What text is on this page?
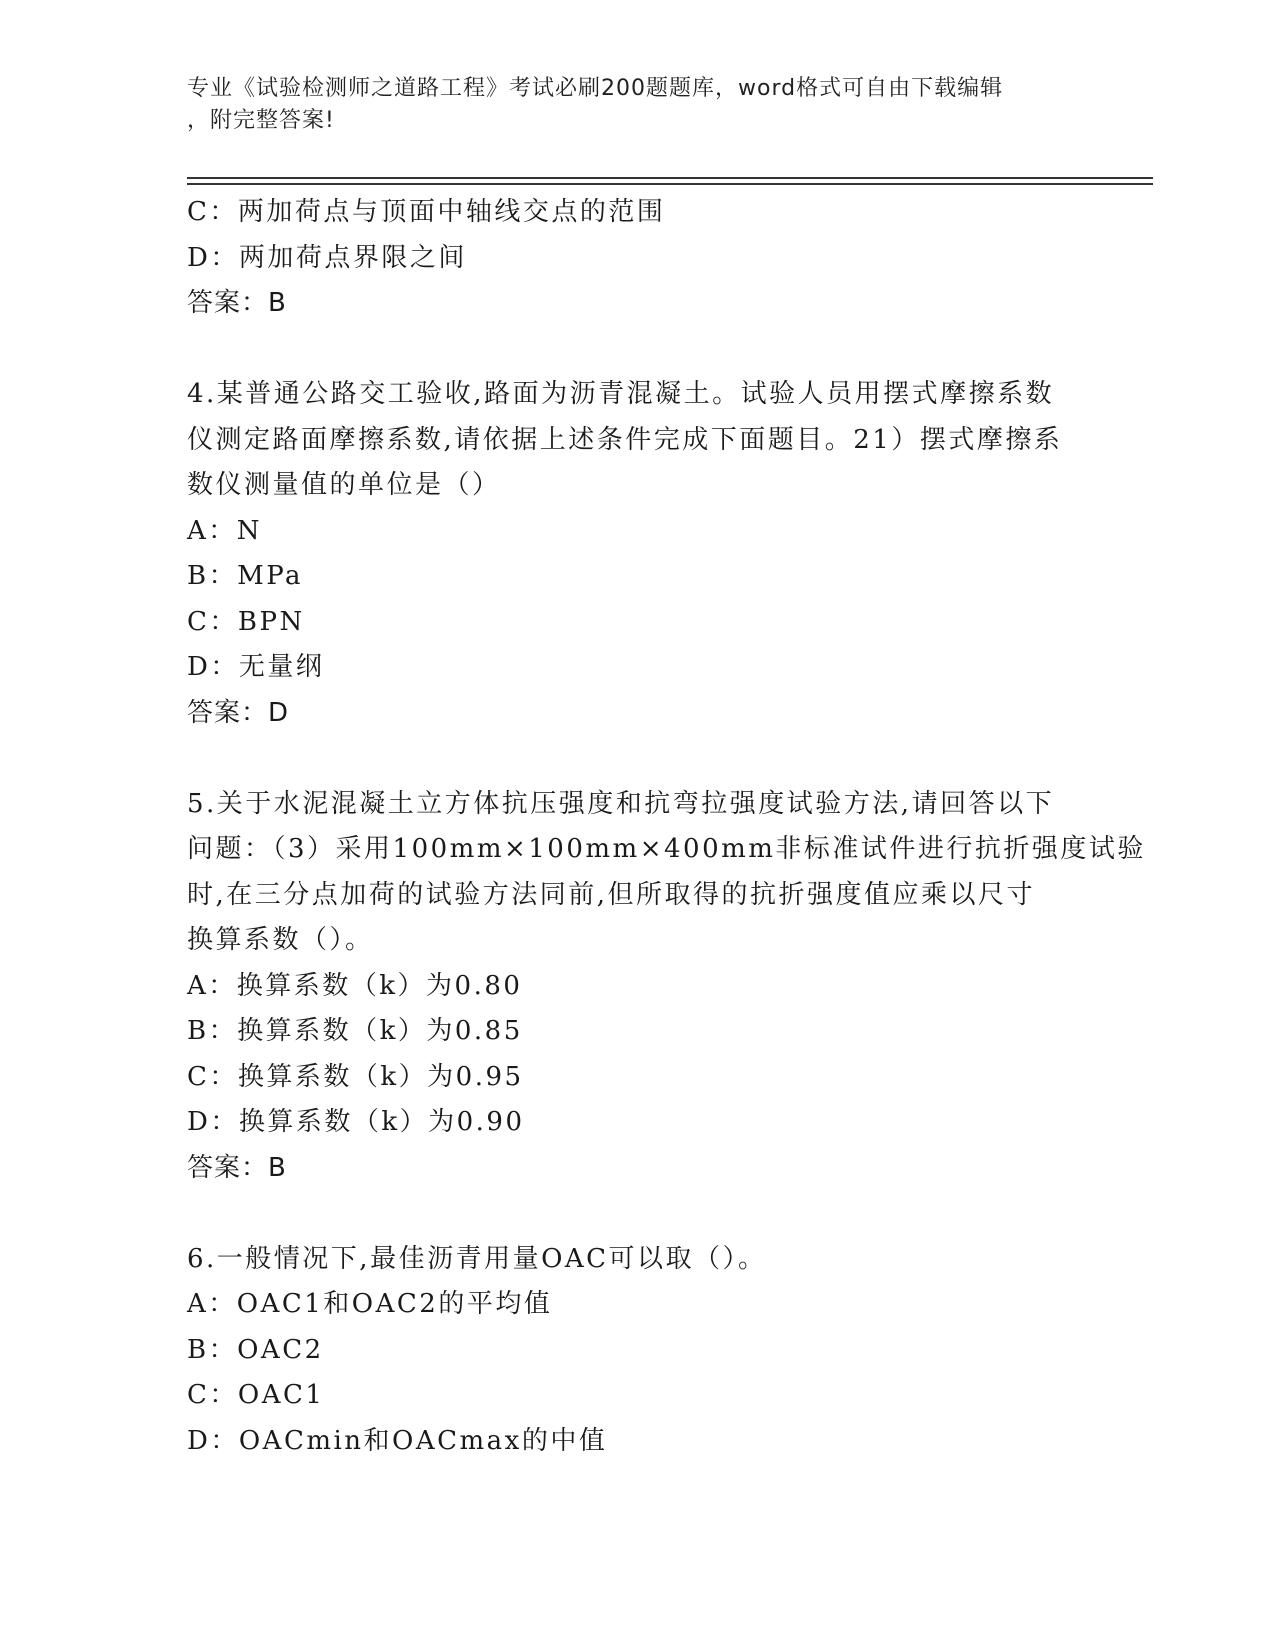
专业《试验检测师之道路工程》考试必刷200题题库，word格式可自由下载编辑

，附完整答案!

C：两加荷点与顶面中轴线交点的范围

D：两加荷点界限之间

答案：B

4.某普通公路交工验收,路面为沥青混凝土。试验人员用摆式摩擦系数

仪测定路面摩擦系数,请依据上述条件完成下面题目。21）摆式摩擦系

数仪测量值的单位是（）

A：N

B：MPa

C：BPN

D：无量纲

答案：D

5.关于水泥混凝土立方体抗压强度和抗弯拉强度试验方法,请回答以下

问题：（3）采用100mm×100mm×400mm非标准试件进行抗折强度试验

时,在三分点加荷的试验方法同前,但所取得的抗折强度值应乘以尺寸

换算系数（）。

A：换算系数（k）为0.80

B：换算系数（k）为0.85

C：换算系数（k）为0.95

D：换算系数（k）为0.90

答案：B

6.一般情况下,最佳沥青用量OAC可以取（）。

A：OAC1和OAC2的平均值

B：OAC2

C：OAC1

D：OACmin和OACmax的中值
